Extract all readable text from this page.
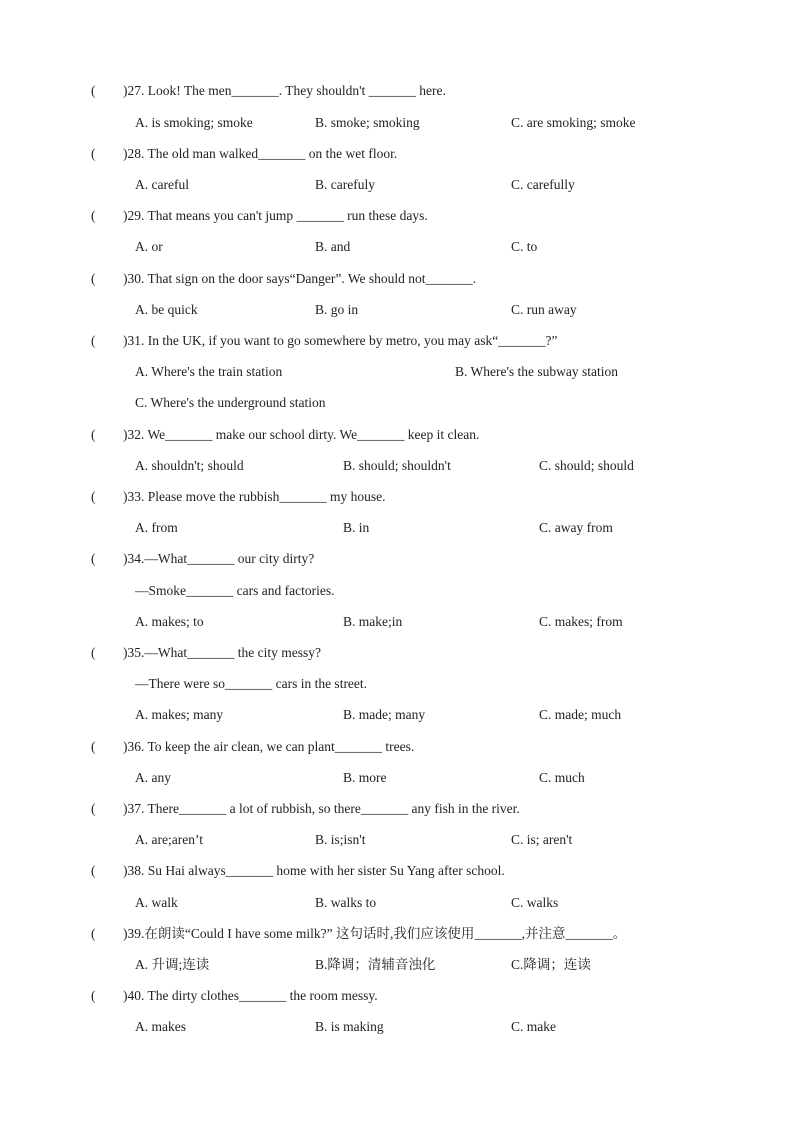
( )27. Look! The men_______. They shouldn't _______ here.
A. is smoking; smoke	B. smoke; smoking	C. are smoking; smoke
( )28. The old man walked_______ on the wet floor.
A. careful	B. carefuly	C. carefully
( )29. That means you can't jump _______ run these days.
A. or	B. and	C. to
( )30. That sign on the door says“Danger”. We should not_______.
A. be quick	B. go in	C. run away
( )31. In the UK, if you want to go somewhere by metro, you may ask“_______?”
A. Where's the train station	B. Where's the subway station
C. Where's the underground station
( )32. We_______ make our school dirty. We_______ keep it clean.
A. shouldn't; should	B. should; shouldn't	C. should; should
( )33. Please move the rubbish_______ my house.
A. from	B. in	C. away from
( )34.—What_______ our city dirty?
—Smoke_______ cars and factories.
A. makes; to	B. make;in	C. makes; from
( )35.—What_______ the city messy?
—There were so_______ cars in the street.
A. makes; many	B. made; many	C. made; much
( )36. To keep the air clean, we can plant_______ trees.
A. any	B. more	C. much
( )37. There_______ a lot of rubbish, so there_______ any fish in the river.
A. are;aren’t	B. is;isn't	C. is; aren't
( )38. Su Hai always_______ home with her sister Su Yang after school.
A. walk	B. walks to	C. walks
( )39.在朗读“Could I have some milk?” 这句话时,我们应该使用_______,并注意_______。
A. 升调;连读	B.降调；清辅音浊化	C.降调；连读
( )40. The dirty clothes_______ the room messy.
A. makes	B. is making	C. make
